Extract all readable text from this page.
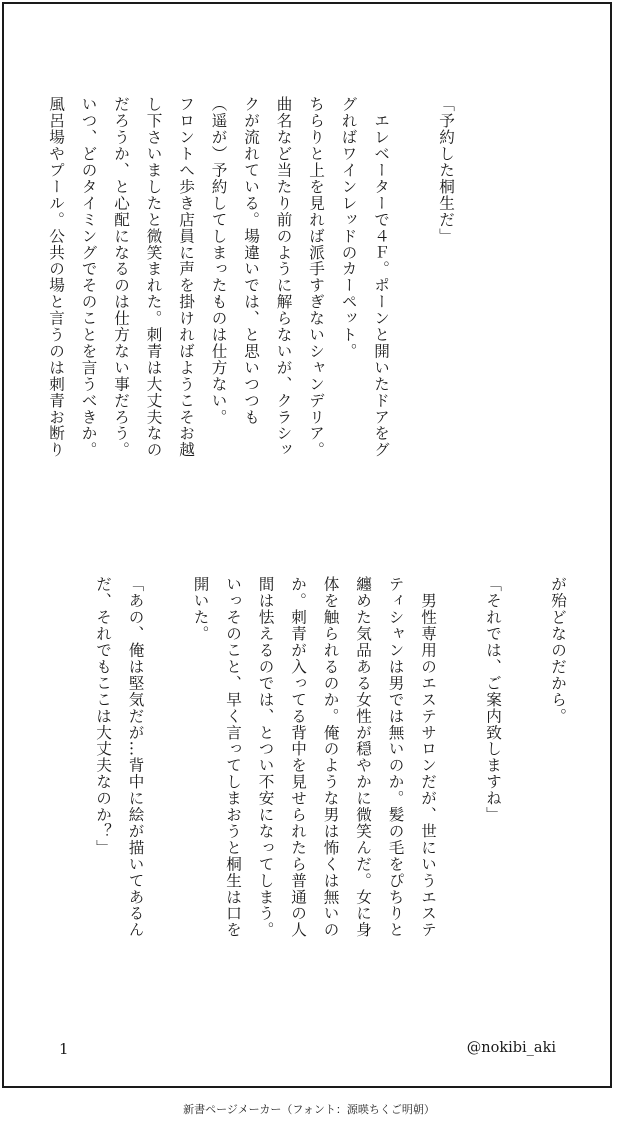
「予約した桐生だ」
　エレベーターで４Ｆ。ポーンと開いたドアをグ
グればワインレッドのカーペット。
ちらりと上を見れば派手すぎないシャンデリア。
曲名など当たり前のように解らないが、クラシッ
クが流れている。場違いでは、と思いつつも
（遥が）予約してしまったものは仕方ない。
フロントへ歩き店員に声を掛ければようこそお越
し下さいましたと微笑まれた。刺青は大丈夫なの
だろうか、と心配になるのは仕方ない事だろう。
いつ、どのタイミングでそのことを言うべきか。
風呂場やプール。公共の場と言うのは刺青お断り
が殆どなのだから。
「それでは、ご案内致しますね」
　男性専用のエステサロンだが、世にいうエステ
ティシャンは男では無いのか。髪の毛をぴちりと
纏めた気品ある女性が穏やかに微笑んだ。女に身
体を触られるのか。俺のような男は怖くは無いの
か。刺青が入ってる背中を見せられたら普通の人
間は怯えるのでは、とつい不安になってしまう。
いっそのこと、早く言ってしまおうと桐生は口を
開いた。
「あの、俺は堅気だが…背中に絵が描いてあるん
だ、それでもここは大丈夫なのか？」
1	@nokibi_aki
新書ページメーカー（フォント：源暎ちくご明朝）
